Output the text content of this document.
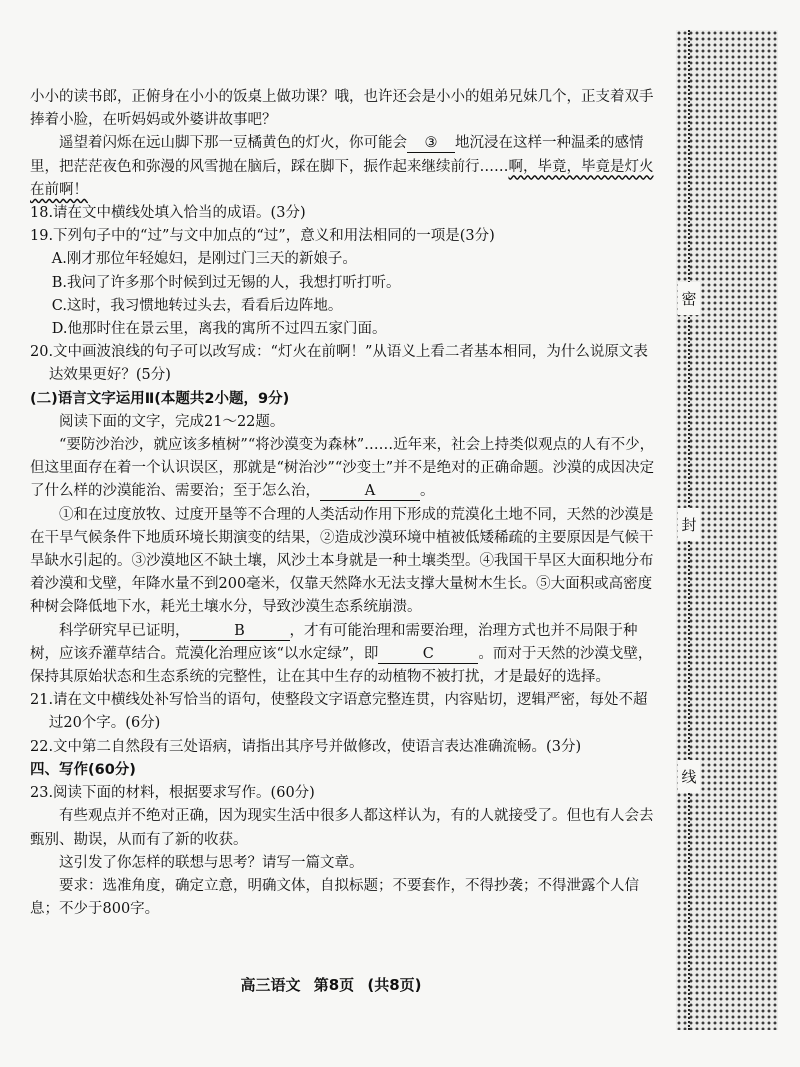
小小的读书郎，正俯身在小小的饭桌上做功课？哦，也许还会是小小的姐弟兄妹几个，正支着双手捧着小脸，在听妈妈或外婆讲故事吧？

遥望着闪烁在远山脚下那一豆橘黄色的灯火，你可能会 ③ 地沉浸在这样一种温柔的感情里，把茫茫夜色和弥漫的风雪抛在脑后，踩在脚下，振作起来继续前行……啊，毕竟，毕竟是灯火在前啊！

18.请在文中横线处填入恰当的成语。(3分)

19.下列句子中的“过”与文中加点的“过”，意义和用法相同的一项是(3分)

A.刚才那位年轻媳妇，是刚过门三天的新娘子。

B.我问了许多那个时候到过无锡的人，我想打听打听。

C.这时，我习惯地转过头去，看看后边阵地。

D.他那时住在景云里，离我的寓所不过四五家门面。

20.文中画波浪线的句子可以改写成：“灯火在前啊！”从语义上看二者基本相同，为什么说原文表达效果更好？(5分)

(二)语言文字运用Ⅱ(本题共2小题，9分)

阅读下面的文字，完成21～22题。

“要防沙治沙，就应该多植树”“将沙漠变为森林”……近年来，社会上持类似观点的人有不少，但这里面存在着一个认识误区，那就是“树治沙”“沙变土”并不是绝对的正确命题。沙漠的成因决定了什么样的沙漠能治、需要治；至于怎么治，	A	。

①和在过度放牧、过度开垦等不合理的人类活动作用下形成的荒漠化土地不同，天然的沙漠是在干旱气候条件下地质环境长期演变的结果，②造成沙漠环境中植被低矮稀疏的主要原因是气候干旱缺水引起的。③沙漠地区不缺土壤，风沙土本身就是一种土壤类型。④我国干旱区大面积地分布着沙漠和戈壁，年降水量不到200毫米，仅靠天然降水无法支撑大量树木生长。⑤大面积或高密度种树会降低地下水，耗光土壤水分，导致沙漠生态系统崩溃。

科学研究早已证明，	B	，才有可能治理和需要治理，治理方式也并不局限于种树，应该乔灌草结合。荒漠化治理应该“以水定绿”，即	C	。而对于天然的沙漠戈壁，保持其原始状态和生态系统的完整性，让在其中生存的动植物不被打扰，才是最好的选择。

21.请在文中横线处补写恰当的语句，使整段文字语意完整连贯，内容贴切，逻辑严密，每处不超过20个字。(6分)

22.文中第二自然段有三处语病，请指出其序号并做修改，使语言表达准确流畅。(3分)

四、写作(60分)

23.阅读下面的材料，根据要求写作。(60分)

有些观点并不绝对正确，因为现实生活中很多人都这样认为，有的人就接受了。但也有人会去甄别、勘误，从而有了新的收获。

这引发了你怎样的联想与思考？请写一篇文章。

要求：选准角度，确定立意，明确文体，自拟标题；不要套作，不得抄袭；不得泄露个人信息；不少于800字。

高三语文 第8页 (共8页)
密
封
线
